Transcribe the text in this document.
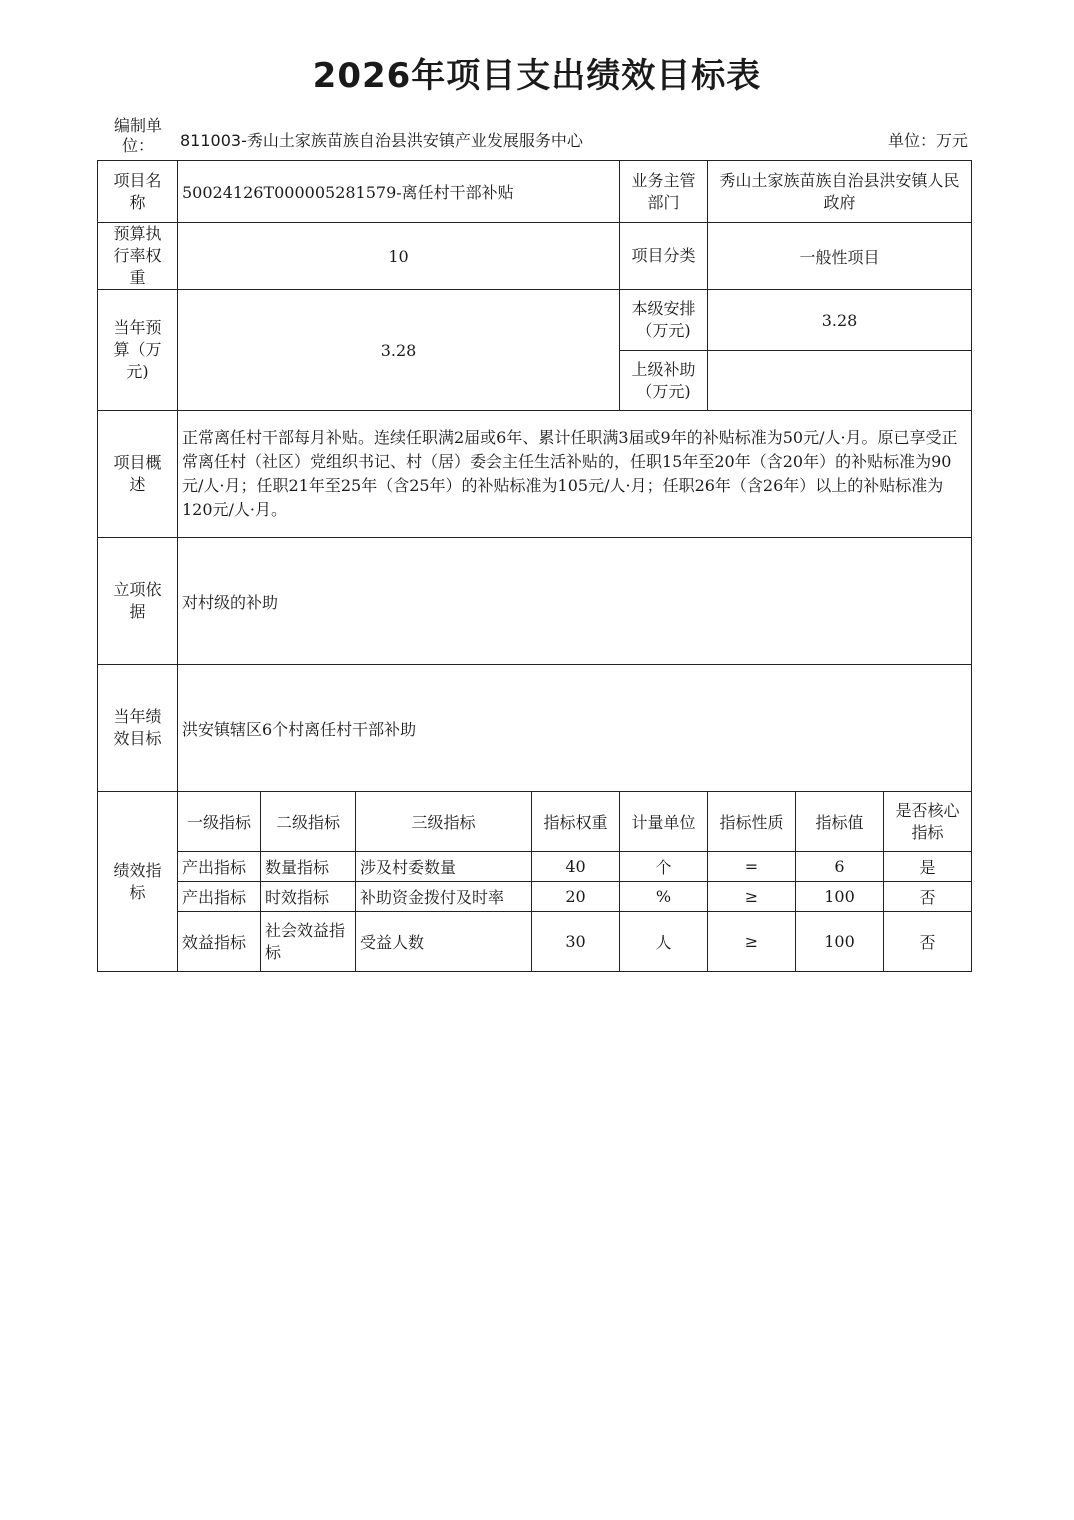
2026年项目支出绩效目标表
编制单位：	811003-秀山土家族苗族自治县洪安镇产业发展服务中心	单位：万元
项目名称	50024126T000005281579-离任村干部补贴				业务主管部门	秀山土家族苗族自治县洪安镇人民政府		
预算执行率权重	10				项目分类	一般性项目		
当年预算（万元)	3.28				本级安排（万元)	3.28		
					上级补助（万元)			
项目概述	正常离任村干部每月补贴。连续任职满2届或6年、累计任职满3届或9年的补贴标准为50元/人·月。原已享受正常离任村（社区）党组织书记、村（居）委会主任生活补贴的，任职15年至20年（含20年）的补贴标准为90元/人·月；任职21年至25年（含25年）的补贴标准为105元/人·月；任职26年（含26年）以上的补贴标准为120元/人·月。							
立项依据	对村级的补助							
当年绩效目标	洪安镇辖区6个村离任村干部补助							
绩效指标	一级指标	二级指标	三级指标	指标权重	计量单位	指标性质	指标值	是否核心指标
	产出指标	数量指标	涉及村委数量	40	个	=	6	是
	产出指标	时效指标	补助资金拨付及时率	20	%	≥	100	否
	效益指标	社会效益指标	受益人数	30	人	≥	100	否
